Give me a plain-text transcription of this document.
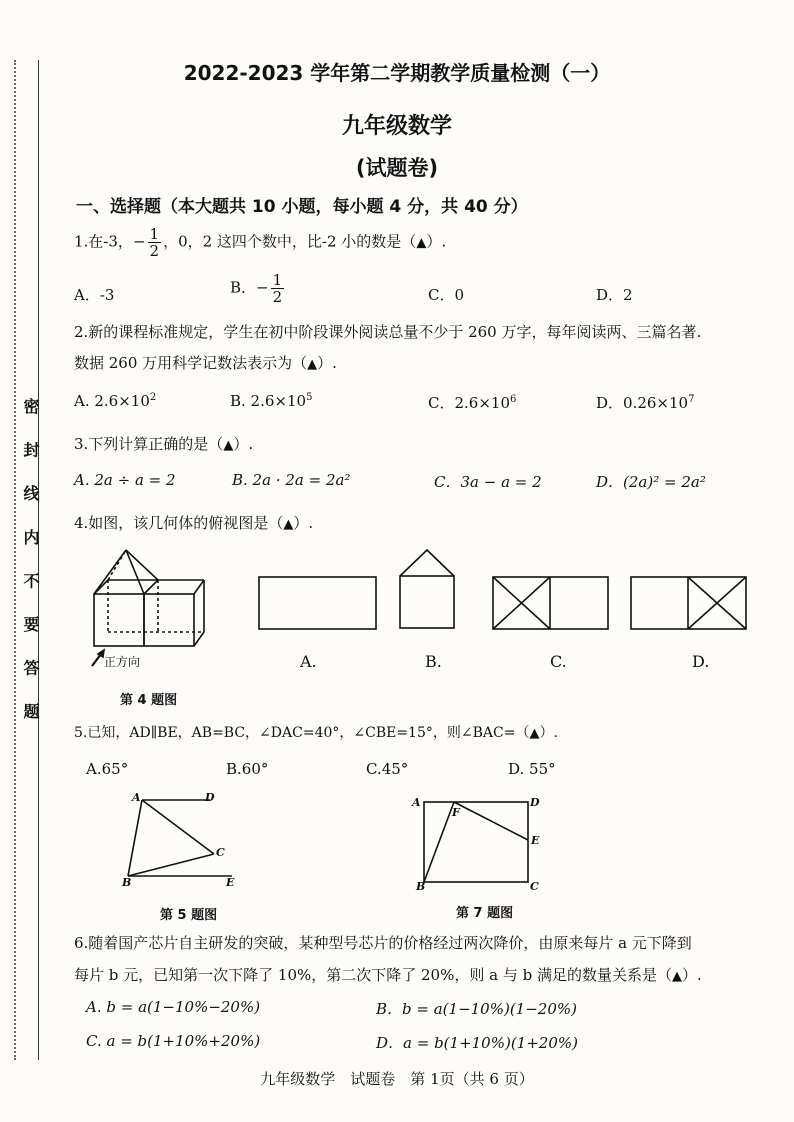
密 封 线 内 不 要 答 题
2022-2023 学年第二学期教学质量检测（一）
九年级数学
(试题卷)
一、选择题（本大题共 10 小题，每小题 4 分，共 40 分）
1.在-3，− $\frac{1}{2}$ ，0，2 这四个数中，比-2 小的数是（▲）.
A．-3	B．− $\frac{1}{2}$	C．0	D．2
2.新的课程标准规定，学生在初中阶段课外阅读总量不少于 260 万字，每年阅读两、三篇名著.
数据 260 万用科学记数法表示为（▲）.
A. $2.6\times 10^2$	B. $2.6\times 10^5$	C．$2.6\times 10^6$	D．$0.26\times 10^7$
3.下列计算正确的是（▲）.
A. 2a ÷ a = 2	B. 2a · 2a = 2a²	C．3a − a = 2	D．(2a)² = 2a²
4.如图，该几何体的俯视图是（▲）.
正方向
第 4 题图
A.	B.	C.	D.
5.已知，AD∥BE，AB=BC，∠DAC=40°，∠CBE=15°，则∠BAC=（▲）.
A.65°	B.60°	C.45°	D. 55°
A	D
C
B	E
第 5 题图
A
F
D
E
B	C
第 7 题图
6.随着国产芯片自主研发的突破，某种型号芯片的价格经过两次降价，由原来每片 a 元下降到
每片 b 元，已知第一次下降了 10%，第二次下降了 20%，则 a 与 b 满足的数量关系是（▲）.
A. b = a(1−10%−20%)	B．b = a(1−10%)(1−20%)
C. a = b(1+10%+20%)	D．a = b(1+10%)(1+20%)
九年级数学　试题卷　第 1页（共 6 页）
